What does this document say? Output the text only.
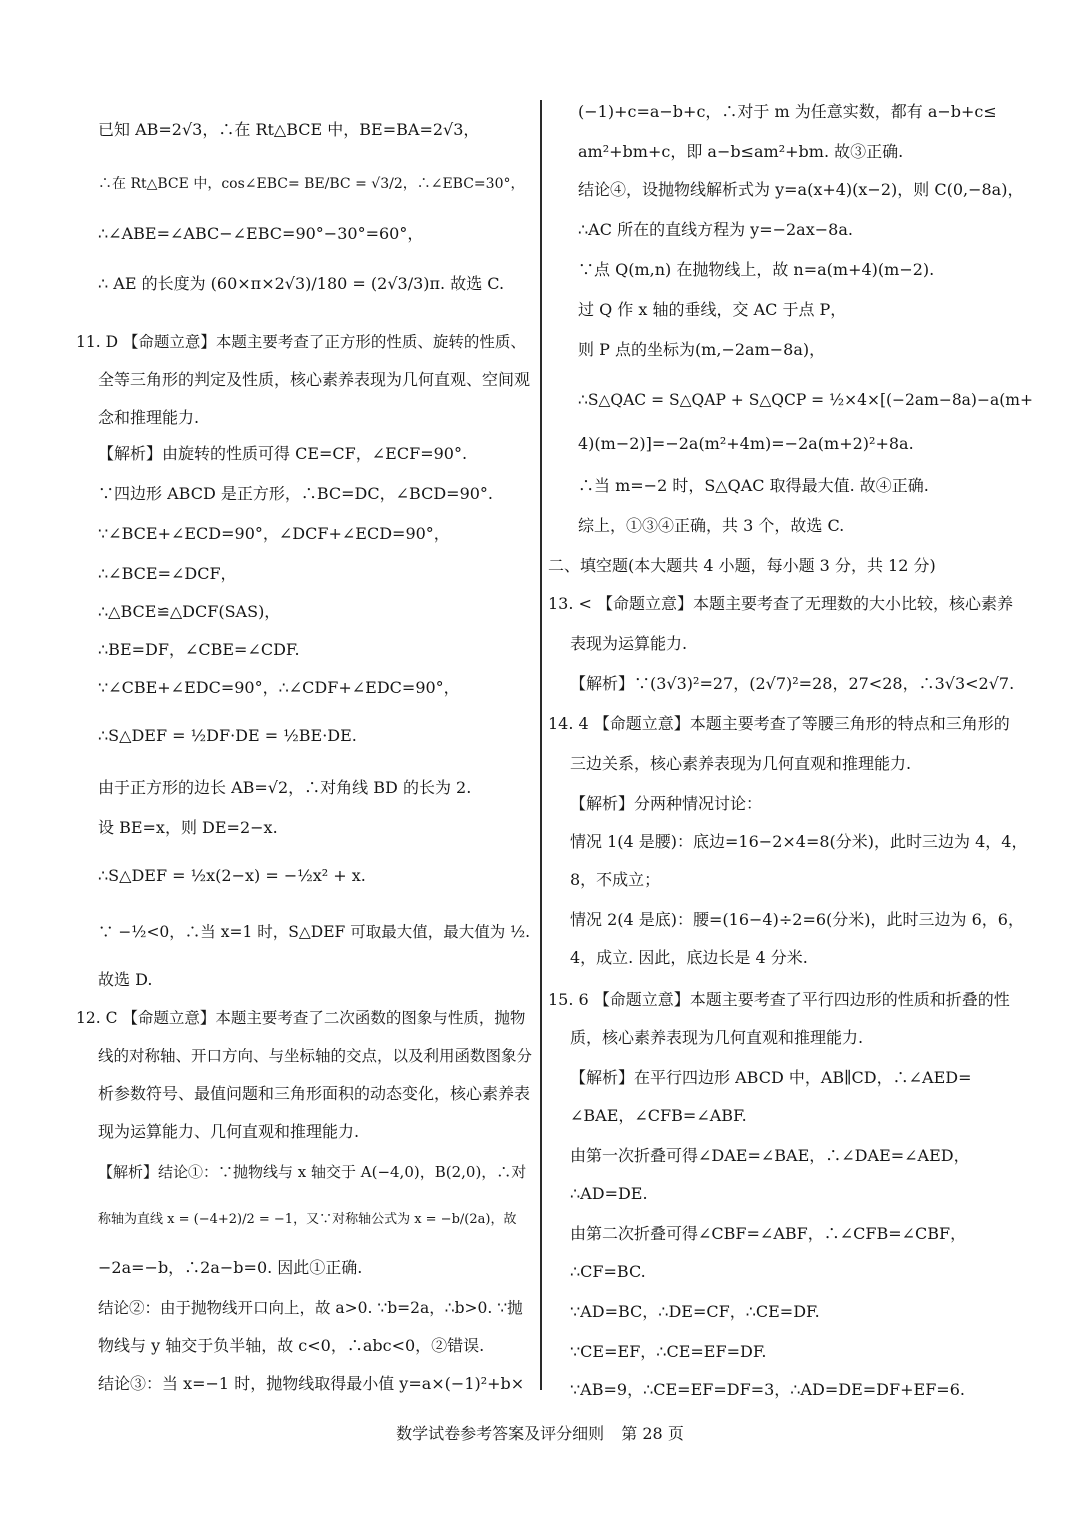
已知 AB=2√3，∴在 Rt△BCE 中，BE=BA=2√3，
∴在 Rt△BCE 中，cos∠EBC= BE/BC = √3/2，∴∠EBC=30°，
∴∠ABE=∠ABC−∠EBC=90°−30°=60°，
∴ AE 的长度为 (60×π×2√3)/180 = (2√3/3)π. 故选 C.
11. D 【命题立意】本题主要考查了正方形的性质、旋转的性质、
全等三角形的判定及性质，核心素养表现为几何直观、空间观
念和推理能力.
【解析】由旋转的性质可得 CE=CF，∠ECF=90°.
∵四边形 ABCD 是正方形，∴BC=DC，∠BCD=90°.
∵∠BCE+∠ECD=90°，∠DCF+∠ECD=90°，
∴∠BCE=∠DCF，
∴△BCE≌△DCF(SAS)，
∴BE=DF，∠CBE=∠CDF.
∵∠CBE+∠EDC=90°，∴∠CDF+∠EDC=90°，
∴S△DEF = ½DF·DE = ½BE·DE.
由于正方形的边长 AB=√2，∴对角线 BD 的长为 2.
设 BE=x，则 DE=2−x.
∴S△DEF = ½x(2−x) = −½x² + x.
∵ −½<0，∴当 x=1 时，S△DEF 可取最大值，最大值为 ½.
故选 D.
12. C 【命题立意】本题主要考查了二次函数的图象与性质，抛物
线的对称轴、开口方向、与坐标轴的交点，以及利用函数图象分
析参数符号、最值问题和三角形面积的动态变化，核心素养表
现为运算能力、几何直观和推理能力.
【解析】结论①：∵抛物线与 x 轴交于 A(−4,0)，B(2,0)，∴对
称轴为直线 x = (−4+2)/2 = −1，又∵对称轴公式为 x = −b/(2a)，故
−2a=−b，∴2a−b=0. 因此①正确.
结论②：由于抛物线开口向上，故 a>0. ∵b=2a，∴b>0. ∵抛
物线与 y 轴交于负半轴，故 c<0，∴abc<0，②错误.
结论③：当 x=−1 时，抛物线取得最小值 y=a×(−1)²+b×
(−1)+c=a−b+c，∴对于 m 为任意实数，都有 a−b+c≤
am²+bm+c，即 a−b≤am²+bm. 故③正确.
结论④，设抛物线解析式为 y=a(x+4)(x−2)，则 C(0,−8a)，
∴AC 所在的直线方程为 y=−2ax−8a.
∵点 Q(m,n) 在抛物线上，故 n=a(m+4)(m−2).
过 Q 作 x 轴的垂线，交 AC 于点 P，
则 P 点的坐标为(m,−2am−8a)，
∴S△QAC = S△QAP + S△QCP = ½×4×[(−2am−8a)−a(m+
4)(m−2)]=−2a(m²+4m)=−2a(m+2)²+8a.
∴当 m=−2 时，S△QAC 取得最大值. 故④正确.
综上，①③④正确，共 3 个，故选 C.
二、填空题(本大题共 4 小题，每小题 3 分，共 12 分)
13. < 【命题立意】本题主要考查了无理数的大小比较，核心素养
表现为运算能力.
【解析】∵(3√3)²=27，(2√7)²=28，27<28，∴3√3<2√7.
14. 4 【命题立意】本题主要考查了等腰三角形的特点和三角形的
三边关系，核心素养表现为几何直观和推理能力.
【解析】分两种情况讨论：
情况 1(4 是腰)：底边=16−2×4=8(分米)，此时三边为 4，4，
8，不成立；
情况 2(4 是底)：腰=(16−4)÷2=6(分米)，此时三边为 6，6，
4，成立. 因此，底边长是 4 分米.
15. 6 【命题立意】本题主要考查了平行四边形的性质和折叠的性
质，核心素养表现为几何直观和推理能力.
【解析】在平行四边形 ABCD 中，AB∥CD，∴∠AED=
∠BAE，∠CFB=∠ABF.
由第一次折叠可得∠DAE=∠BAE，∴∠DAE=∠AED，
∴AD=DE.
由第二次折叠可得∠CBF=∠ABF，∴∠CFB=∠CBF，
∴CF=BC.
∵AD=BC，∴DE=CF，∴CE=DF.
∵CE=EF，∴CE=EF=DF.
∵AB=9，∴CE=EF=DF=3，∴AD=DE=DF+EF=6.
数学试卷参考答案及评分细则 第 28 页
